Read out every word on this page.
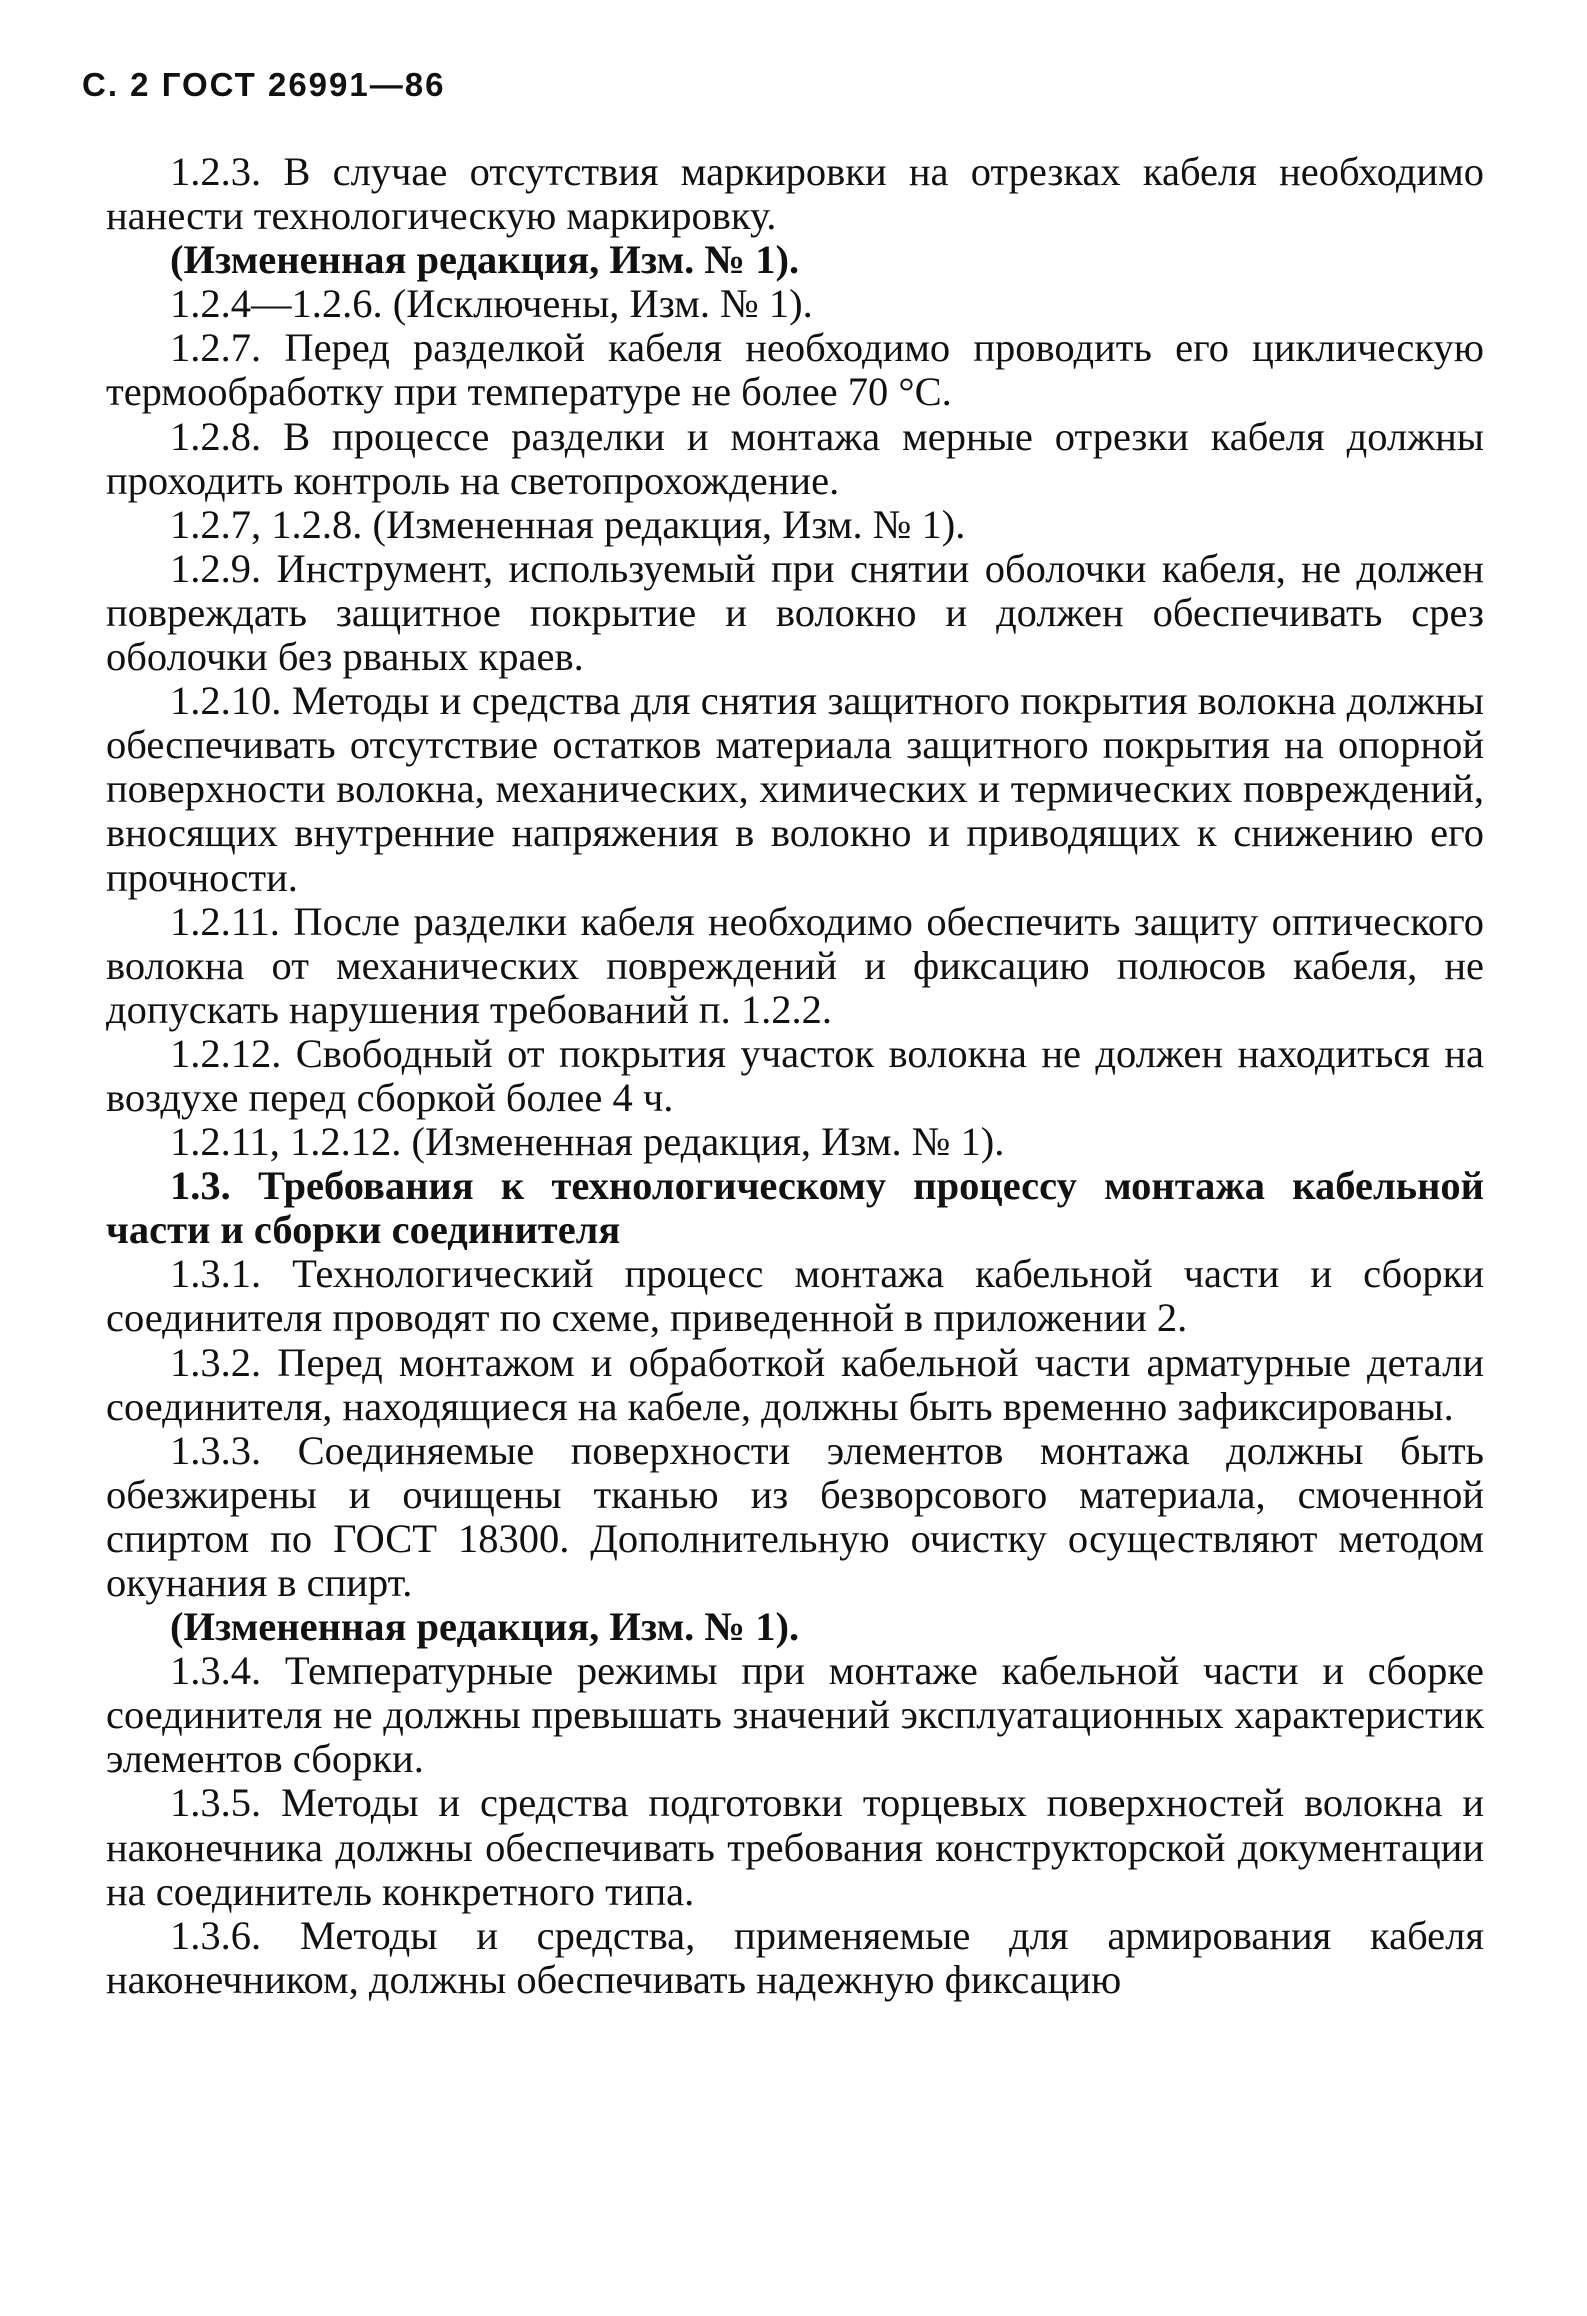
С. 2 ГОСТ 26991—86

1.2.3. В случае отсутствия маркировки на отрезках кабеля необходимо нанести технологическую маркировку.

(Измененная редакция, Изм. № 1).

1.2.4—1.2.6. (Исключены, Изм. № 1).

1.2.7. Перед разделкой кабеля необходимо проводить его циклическую термообработку при температуре не более 70 °С.

1.2.8. В процессе разделки и монтажа мерные отрезки кабеля должны проходить контроль на светопрохождение.

1.2.7, 1.2.8. (Измененная редакция, Изм. № 1).

1.2.9. Инструмент, используемый при снятии оболочки кабеля, не должен повреждать защитное покрытие и волокно и должен обеспечивать срез оболочки без рваных краев.

1.2.10. Методы и средства для снятия защитного покрытия волокна должны обеспечивать отсутствие остатков материала защитного покрытия на опорной поверхности волокна, механических, химических и термических повреждений, вносящих внутренние напряжения в волокно и приводящих к снижению его прочности.

1.2.11. После разделки кабеля необходимо обеспечить защиту оптического волокна от механических повреждений и фиксацию полюсов кабеля, не допускать нарушения требований п. 1.2.2.

1.2.12. Свободный от покрытия участок волокна не должен находиться на воздухе перед сборкой более 4 ч.

1.2.11, 1.2.12. (Измененная редакция, Изм. № 1).

1.3. Требования к технологическому процессу монтажа кабельной части и сборки соединителя

1.3.1. Технологический процесс монтажа кабельной части и сборки соединителя проводят по схеме, приведенной в приложении 2.

1.3.2. Перед монтажом и обработкой кабельной части арматурные детали соединителя, находящиеся на кабеле, должны быть временно зафиксированы.

1.3.3. Соединяемые поверхности элементов монтажа должны быть обезжирены и очищены тканью из безворсового материала, смоченной спиртом по ГОСТ 18300. Дополнительную очистку осуществляют методом окунания в спирт.

(Измененная редакция, Изм. № 1).

1.3.4. Температурные режимы при монтаже кабельной части и сборке соединителя не должны превышать значений эксплуатационных характеристик элементов сборки.

1.3.5. Методы и средства подготовки торцевых поверхностей волокна и наконечника должны обеспечивать требования конструкторской документации на соединитель конкретного типа.

1.3.6. Методы и средства, применяемые для армирования кабеля наконечником, должны обеспечивать надежную фиксацию
